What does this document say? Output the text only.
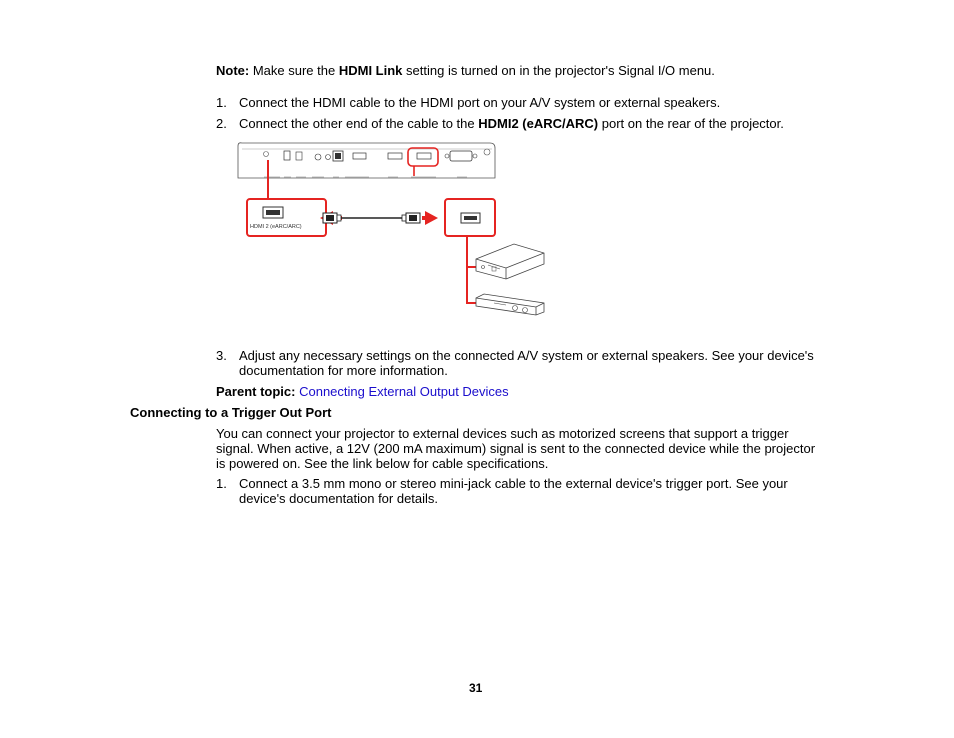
Note: Make sure the HDMI Link setting is turned on in the projector's Signal I/O menu.
1. Connect the HDMI cable to the HDMI port on your A/V system or external speakers.
2. Connect the other end of the cable to the HDMI2 (eARC/ARC) port on the rear of the projector.
HDMI 2 (eARC/ARC)
3. Adjust any necessary settings on the connected A/V system or external speakers. See your device's
documentation for more information.
Parent topic: Connecting External Output Devices
Connecting to a Trigger Out Port
You can connect your projector to external devices such as motorized screens that support a trigger
signal. When active, a 12V (200 mA maximum) signal is sent to the connected device while the projector
is powered on. See the link below for cable specifications.
1. Connect a 3.5 mm mono or stereo mini-jack cable to the external device's trigger port. See your
device's documentation for details.
31
